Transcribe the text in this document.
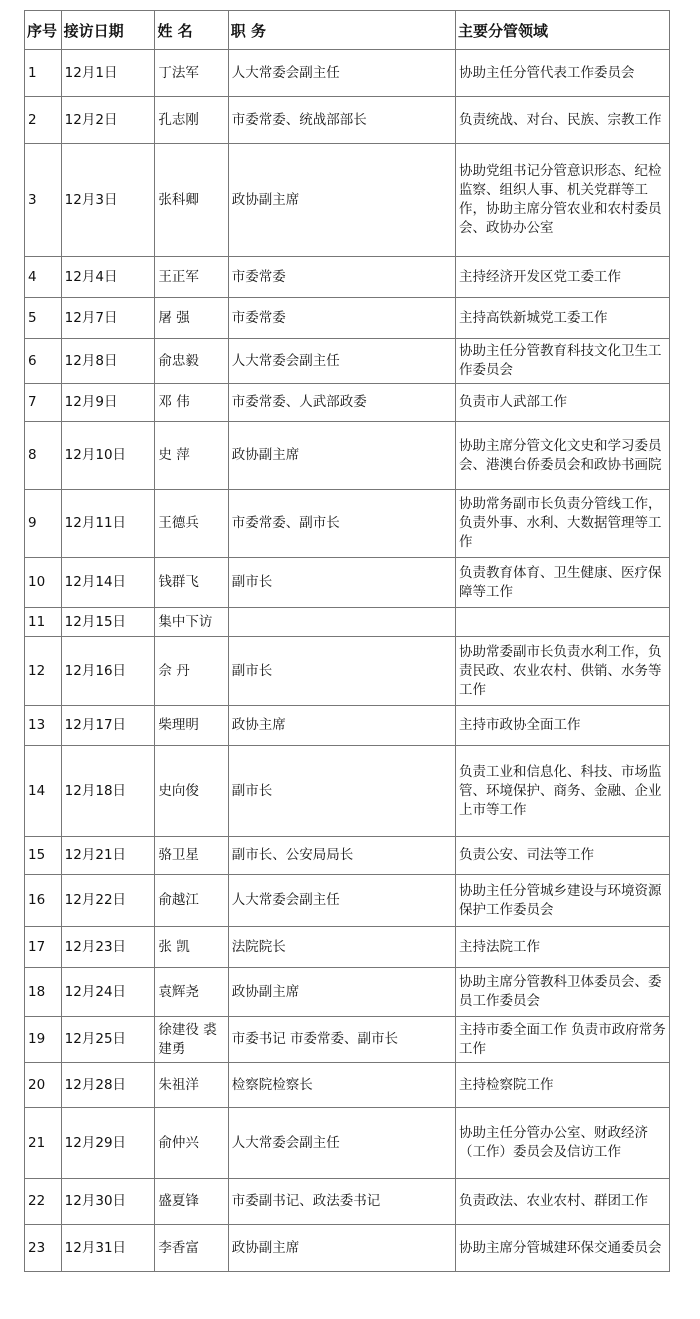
序号	接访日期	姓 名	职 务	主要分管领域
1	12月1日	丁法军	人大常委会副主任	协助主任分管代表工作委员会
2	12月2日	孔志刚	市委常委、统战部部长	负责统战、对台、民族、宗教工作
3	12月3日	张科卿	政协副主席	协助党组书记分管意识形态、纪检监察、组织人事、机关党群等工作，协助主席分管农业和农村委员会、政协办公室
4	12月4日	王正军	市委常委	主持经济开发区党工委工作
5	12月7日	屠 强	市委常委	主持高铁新城党工委工作
6	12月8日	俞忠毅	人大常委会副主任	协助主任分管教育科技文化卫生工作委员会
7	12月9日	邓 伟	市委常委、人武部政委	负责市人武部工作
8	12月10日	史 萍	政协副主席	协助主席分管文化文史和学习委员会、港澳台侨委员会和政协书画院
9	12月11日	王德兵	市委常委、副市长	协助常务副市长负责分管线工作，负责外事、水利、大数据管理等工作
10	12月14日	钱群飞	副市长	负责教育体育、卫生健康、医疗保障等工作
11	12月15日	集中下访		
12	12月16日	佘 丹	副市长	协助常委副市长负责水利工作，负责民政、农业农村、供销、水务等工作
13	12月17日	柴理明	政协主席	主持市政协全面工作
14	12月18日	史向俊	副市长	负责工业和信息化、科技、市场监管、环境保护、商务、金融、企业上市等工作
15	12月21日	骆卫星	副市长、公安局局长	负责公安、司法等工作
16	12月22日	俞越江	人大常委会副主任	协助主任分管城乡建设与环境资源保护工作委员会
17	12月23日	张 凯	法院院长	主持法院工作
18	12月24日	袁辉尧	政协副主席	协助主席分管教科卫体委员会、委员工作委员会
19	12月25日	徐建役 裘建勇	市委书记 市委常委、副市长	主持市委全面工作 负责市政府常务工作
20	12月28日	朱祖洋	检察院检察长	主持检察院工作
21	12月29日	俞仲兴	人大常委会副主任	协助主任分管办公室、财政经济（工作）委员会及信访工作
22	12月30日	盛夏锋	市委副书记、政法委书记	负责政法、农业农村、群团工作
23	12月31日	李香富	政协副主席	协助主席分管城建环保交通委员会
